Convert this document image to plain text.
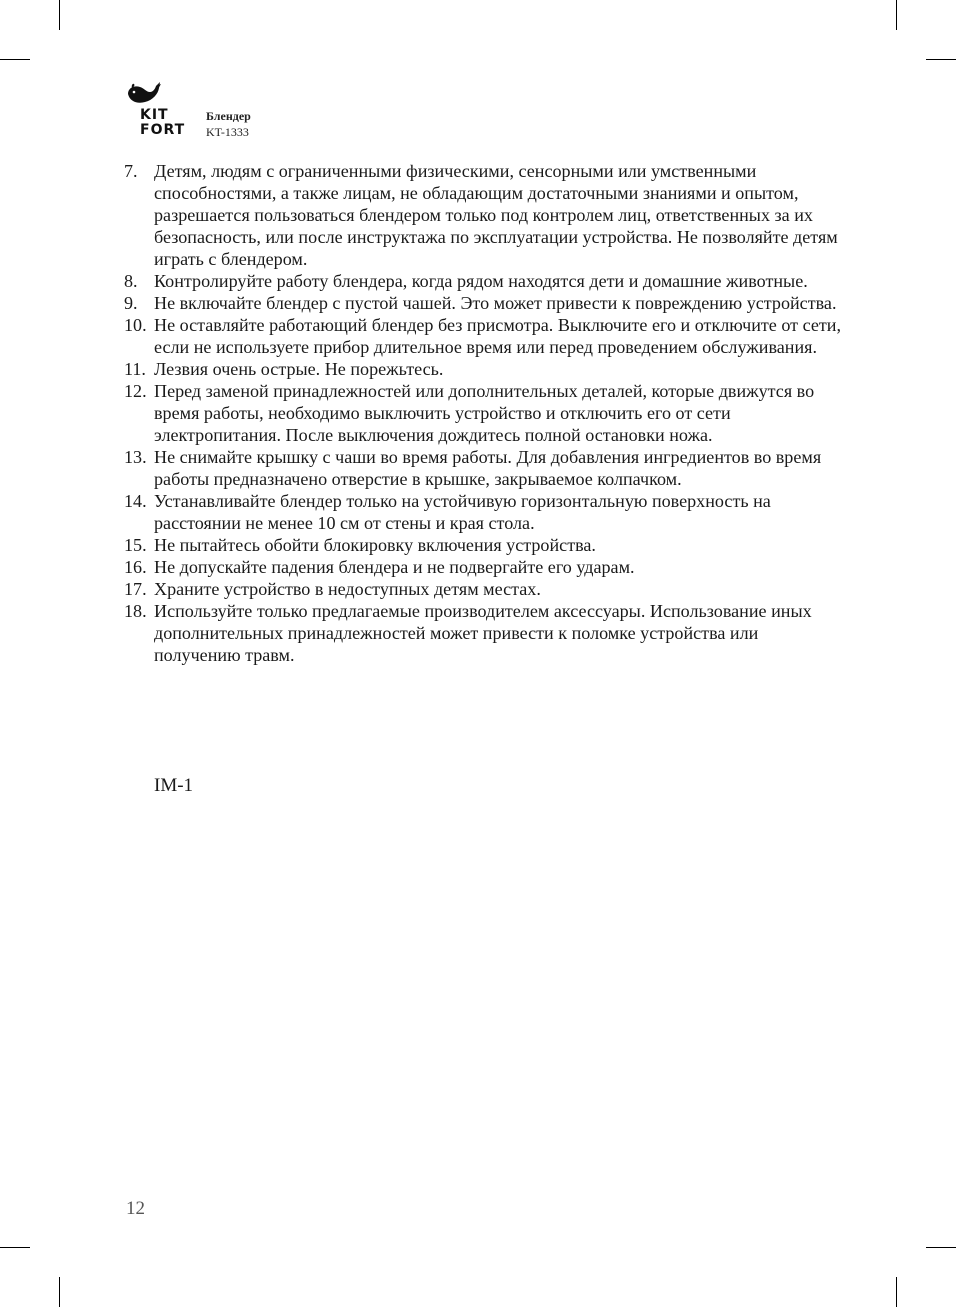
KIT
FORT
Блендер
KT-1333
7. Детям, людям с ограниченными физическими, сенсорными или умственными способностями, а также лицам, не обладающим достаточными знаниями и опытом, разрешается пользоваться блендером только под контролем лиц, ответственных за их безопасность, или после инструктажа по эксплуатации устройства. Не позволяйте детям играть с блендером.
8. Контролируйте работу блендера, когда рядом находятся дети и домашние животные.
9. Не включайте блендер с пустой чашей. Это может привести к повреждению устройства.
10. Не оставляйте работающий блендер без присмотра. Выключите его и отключите от сети, если не используете прибор длительное время или перед проведением обслуживания.
11. Лезвия очень острые. Не порежьтесь.
12. Перед заменой принадлежностей или дополнительных деталей, которые движутся во время работы, необходимо выключить устройство и отключить его от сети электропитания. После выключения дождитесь полной остановки ножа.
13. Не снимайте крышку с чаши во время работы. Для добавления ингредиентов во время работы предназначено отверстие в крышке, закрываемое колпачком.
14. Устанавливайте блендер только на устойчивую горизонтальную поверхность на расстоянии не менее 10 см от стены и края стола.
15. Не пытайтесь обойти блокировку включения устройства.
16. Не допускайте падения блендера и не подвергайте его ударам.
17. Храните устройство в недоступных детям местах.
18. Используйте только предлагаемые производителем аксессуары. Использование иных дополнительных принадлежностей может привести к поломке устройства или получению травм.
IM-1
12
